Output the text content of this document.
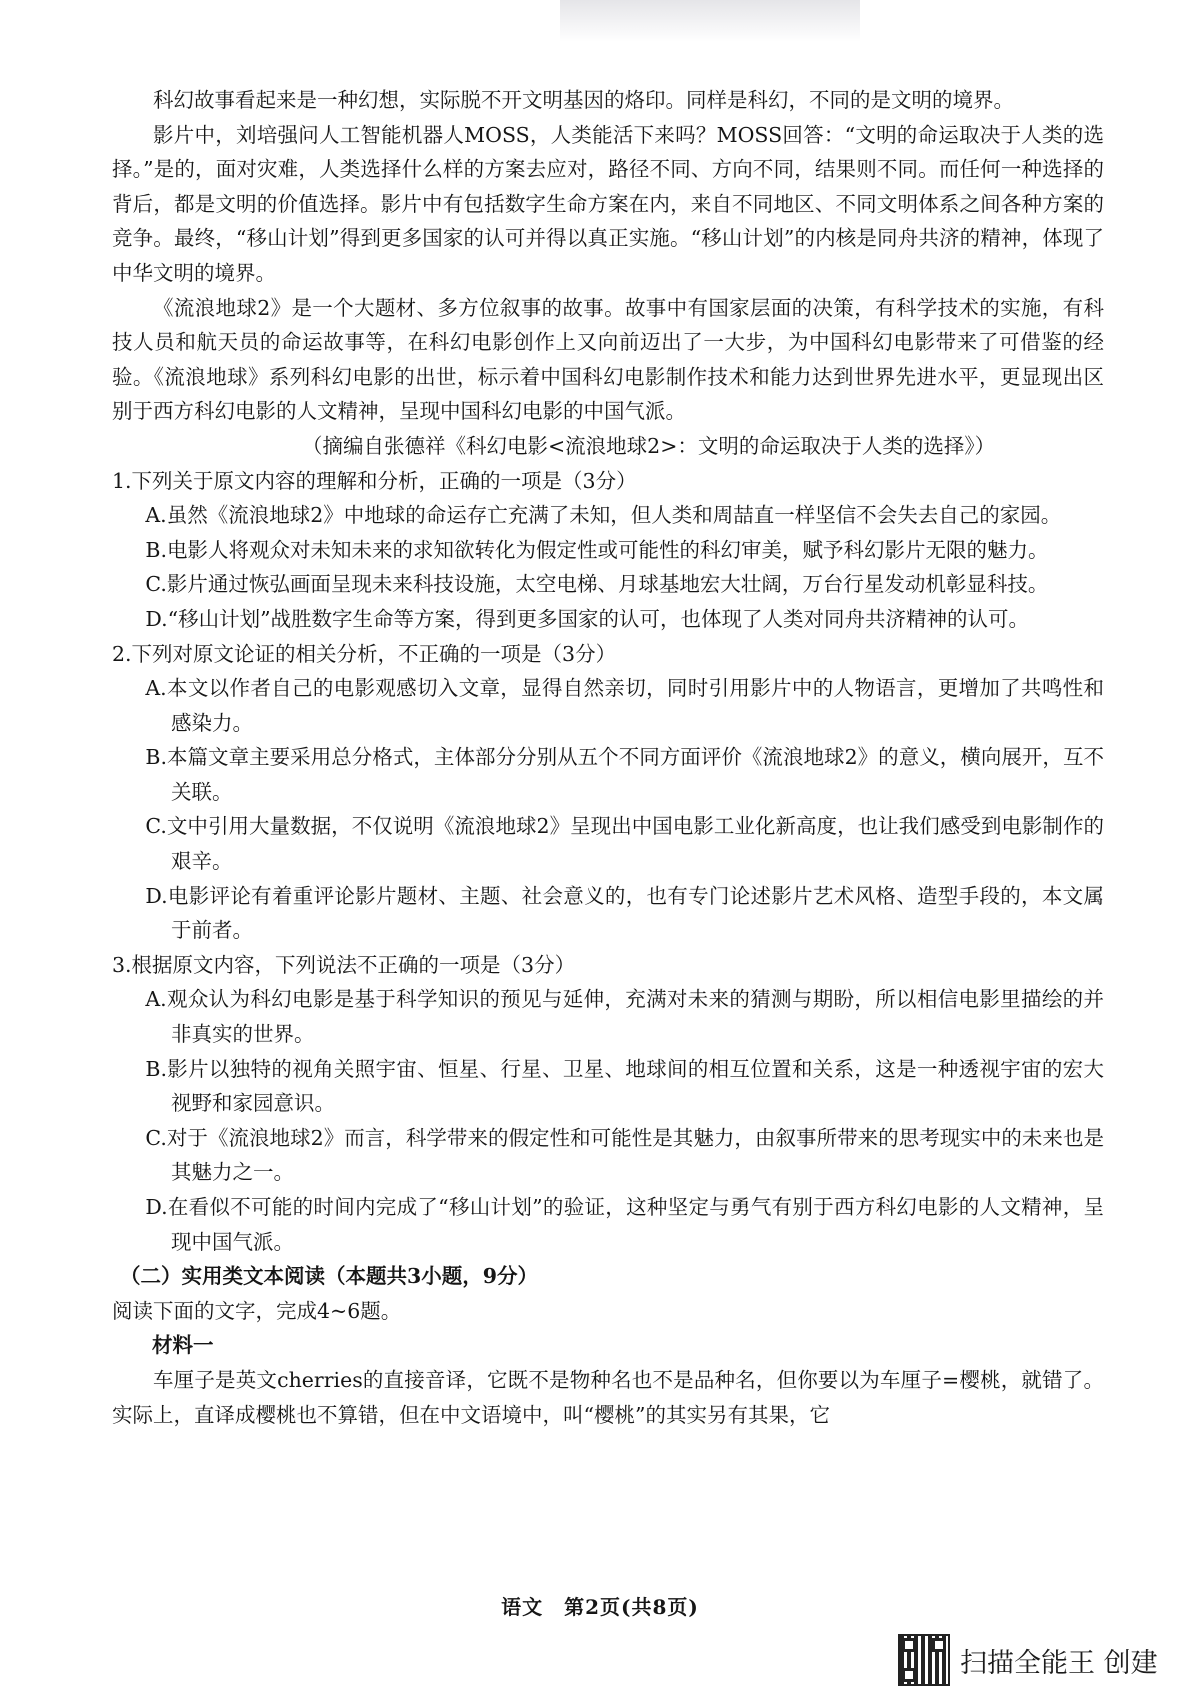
科幻故事看起来是一种幻想，实际脱不开文明基因的烙印。同样是科幻，不同的是文明的境界。

影片中，刘培强问人工智能机器人MOSS，人类能活下来吗？MOSS回答：“文明的命运取决于人类的选择。”是的，面对灾难，人类选择什么样的方案去应对，路径不同、方向不同，结果则不同。而任何一种选择的背后，都是文明的价值选择。影片中有包括数字生命方案在内，来自不同地区、不同文明体系之间各种方案的竞争。最终，“移山计划”得到更多国家的认可并得以真正实施。“移山计划”的内核是同舟共济的精神，体现了中华文明的境界。

《流浪地球2》是一个大题材、多方位叙事的故事。故事中有国家层面的决策，有科学技术的实施，有科技人员和航天员的命运故事等，在科幻电影创作上又向前迈出了一大步，为中国科幻电影带来了可借鉴的经验。《流浪地球》系列科幻电影的出世，标示着中国科幻电影制作技术和能力达到世界先进水平，更显现出区别于西方科幻电影的人文精神，呈现中国科幻电影的中国气派。

（摘编自张德祥《科幻电影<流浪地球2>：文明的命运取决于人类的选择》）

1.下列关于原文内容的理解和分析，正确的一项是（3分）

A.虽然《流浪地球2》中地球的命运存亡充满了未知，但人类和周喆直一样坚信不会失去自己的家园。

B.电影人将观众对未知未来的求知欲转化为假定性或可能性的科幻审美，赋予科幻影片无限的魅力。

C.影片通过恢弘画面呈现未来科技设施，太空电梯、月球基地宏大壮阔，万台行星发动机彰显科技。

D.“移山计划”战胜数字生命等方案，得到更多国家的认可，也体现了人类对同舟共济精神的认可。

2.下列对原文论证的相关分析，不正确的一项是（3分）

A.本文以作者自己的电影观感切入文章，显得自然亲切，同时引用影片中的人物语言，更增加了共鸣性和感染力。

B.本篇文章主要采用总分格式，主体部分分别从五个不同方面评价《流浪地球2》的意义，横向展开，互不关联。

C.文中引用大量数据，不仅说明《流浪地球2》呈现出中国电影工业化新高度，也让我们感受到电影制作的艰辛。

D.电影评论有着重评论影片题材、主题、社会意义的，也有专门论述影片艺术风格、造型手段的，本文属于前者。

3.根据原文内容，下列说法不正确的一项是（3分）

A.观众认为科幻电影是基于科学知识的预见与延伸，充满对未来的猜测与期盼，所以相信电影里描绘的并非真实的世界。

B.影片以独特的视角关照宇宙、恒星、行星、卫星、地球间的相互位置和关系，这是一种透视宇宙的宏大视野和家园意识。

C.对于《流浪地球2》而言，科学带来的假定性和可能性是其魅力，由叙事所带来的思考现实中的未来也是其魅力之一。

D.在看似不可能的时间内完成了“移山计划”的验证，这种坚定与勇气有别于西方科幻电影的人文精神，呈现中国气派。

（二）实用类文本阅读（本题共3小题，9分）

阅读下面的文字，完成4~6题。

材料一

车厘子是英文cherries的直接音译，它既不是物种名也不是品种名，但你要以为车厘子=樱桃，就错了。实际上，直译成樱桃也不算错，但在中文语境中，叫“樱桃”的其实另有其果，它

语文　第2页(共8页)
扫描全能王 创建
